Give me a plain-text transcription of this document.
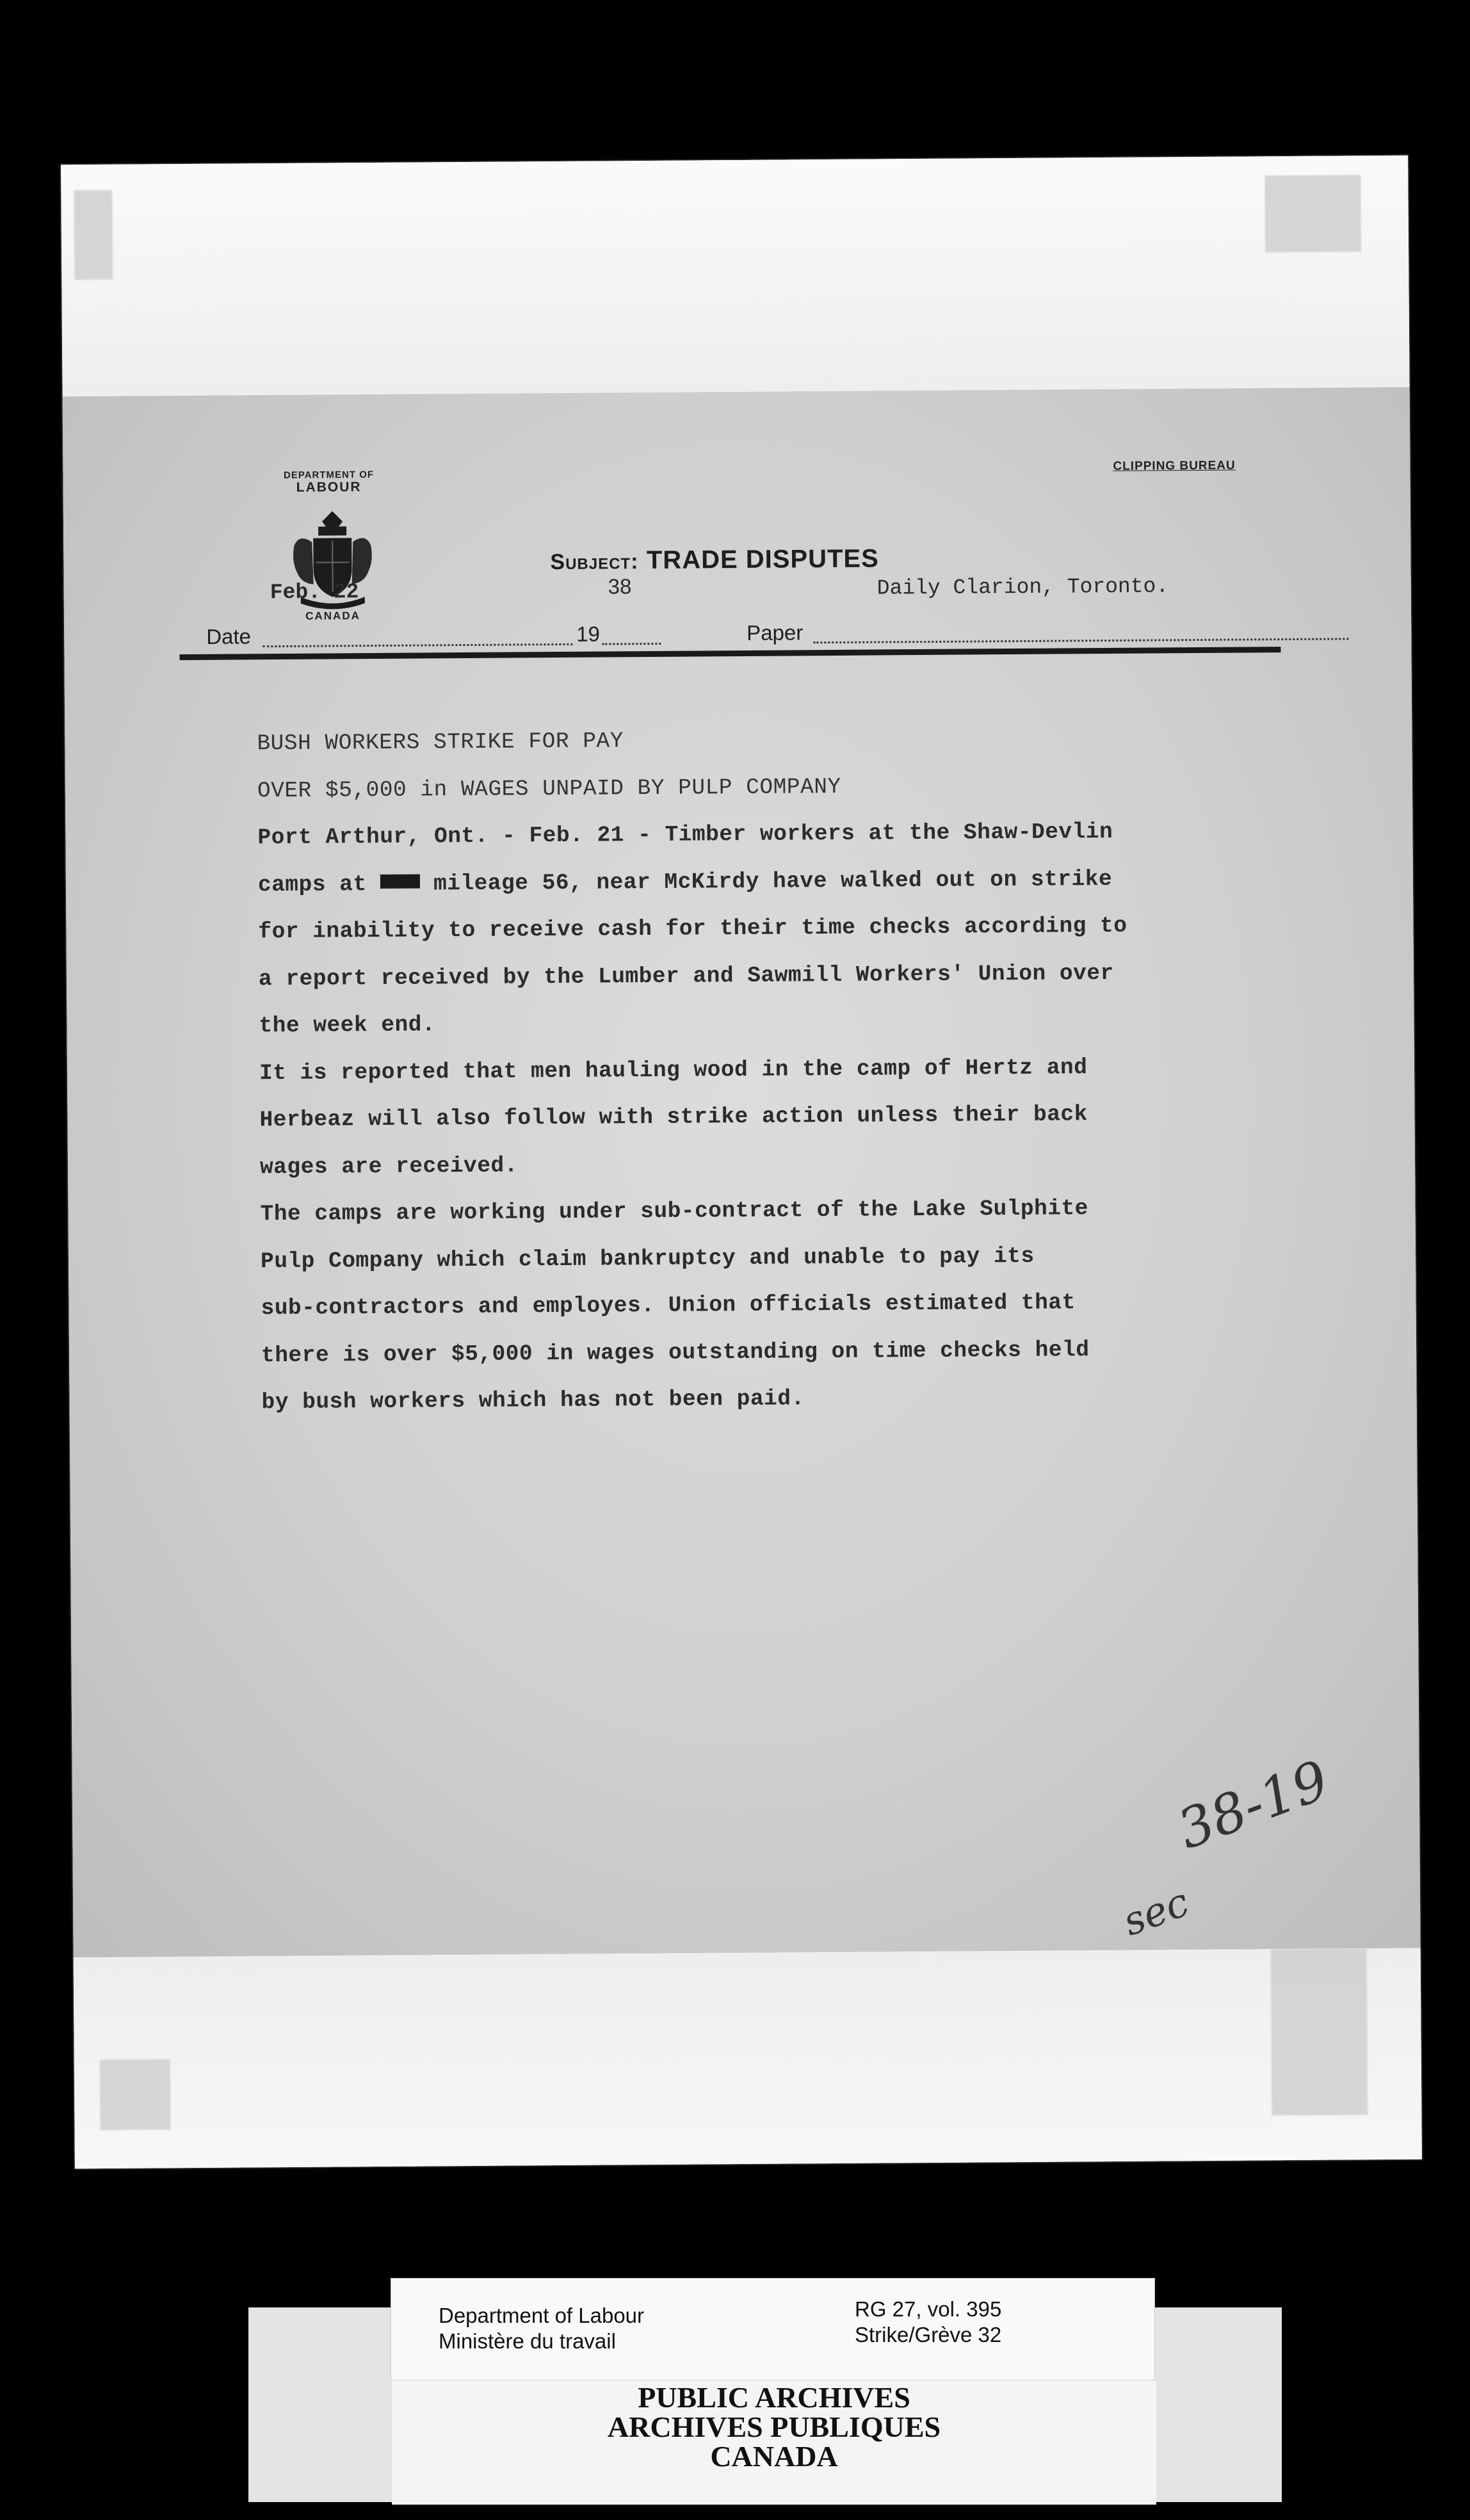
DEPARTMENT OF
LABOUR
CANADA
CLIPPING BUREAU
Subject: TRADE DISPUTES
Date
Feb. 22
19
38
Paper
Daily Clarion, Toronto.
BUSH WORKERS STRIKE FOR PAY
OVER $5,000 in WAGES UNPAID BY PULP COMPANY
Port Arthur, Ont. - Feb. 21 - Timber workers at the Shaw-Devlin
camps at  mileage 56, near McKirdy have walked out on strike
for inability to receive cash for their time checks according to
a report received by the Lumber and Sawmill Workers' Union over
the week end.
It is reported that men hauling wood in the camp of Hertz and
Herbeaz will also follow with strike action unless their back
wages are received.
The camps are working under sub-contract of the Lake Sulphite
Pulp Company which claim bankruptcy and unable to pay its
sub-contractors and employes. Union officials estimated that
there is over $5,000 in wages outstanding on time checks held
by bush workers which has not been paid.
sec38-19
Department of Labour
Ministère du travail
RG 27, vol. 395
Strike/Grève 32
PUBLIC ARCHIVES
ARCHIVES PUBLIQUES
CANADA
